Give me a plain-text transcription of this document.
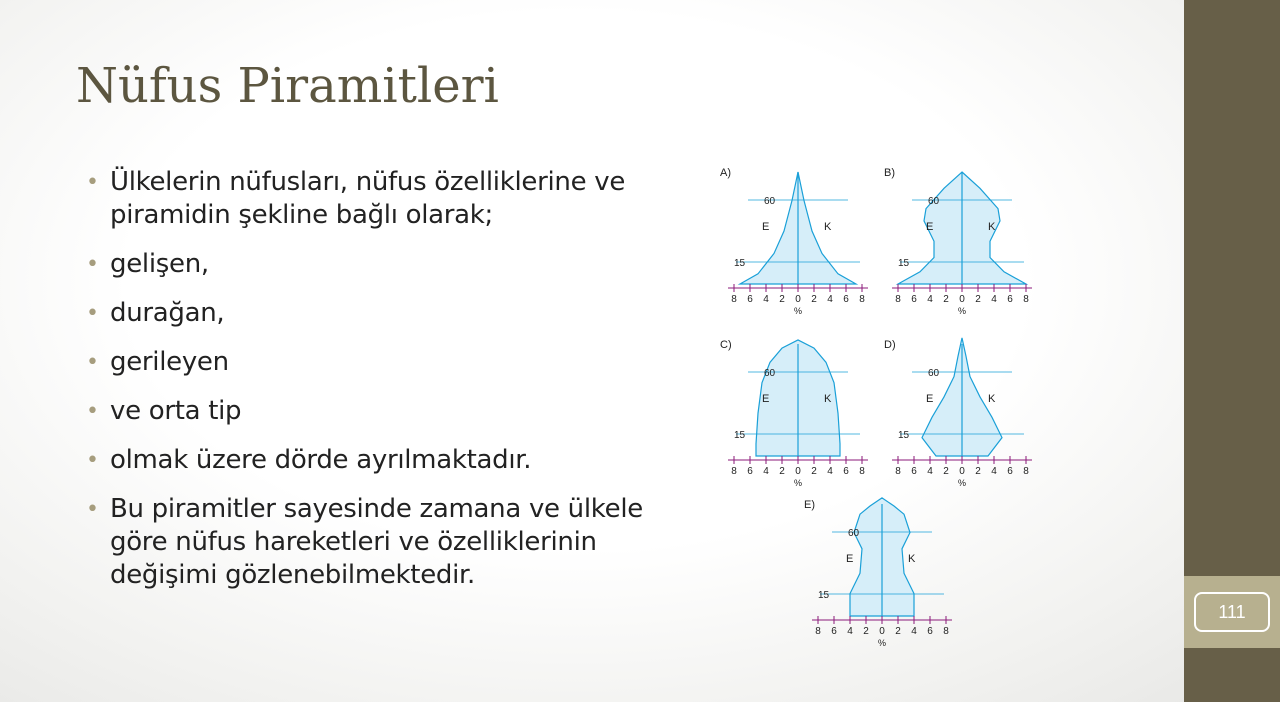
Nüfus Piramitleri
• Ülkelerin nüfusları, nüfus özelliklerine ve
piramidin şekline bağlı olarak;
• gelişen,
• durağan,
• gerileyen
• ve orta tip
• olmak üzere dörde ayrılmaktadır.
• Bu piramitler sayesinde zamana ve ülkele
göre nüfus hareketleri ve özelliklerinin
değişimi gözlenebilmektedir.
A)
60
15
E	K
8 6 4 2 0 2 4 6 8
%
B)
60
15
E	K
8 6 4 2 0 2 4 6 8
%
C)
60
15
E	K
8 6 4 2 0 2 4 6 8
%
D)
60
15
E	K
8 6 4 2 0 2 4 6 8
%
E)
60
15
E	K
8 6 4 2 0 2 4 6 8
%
111
